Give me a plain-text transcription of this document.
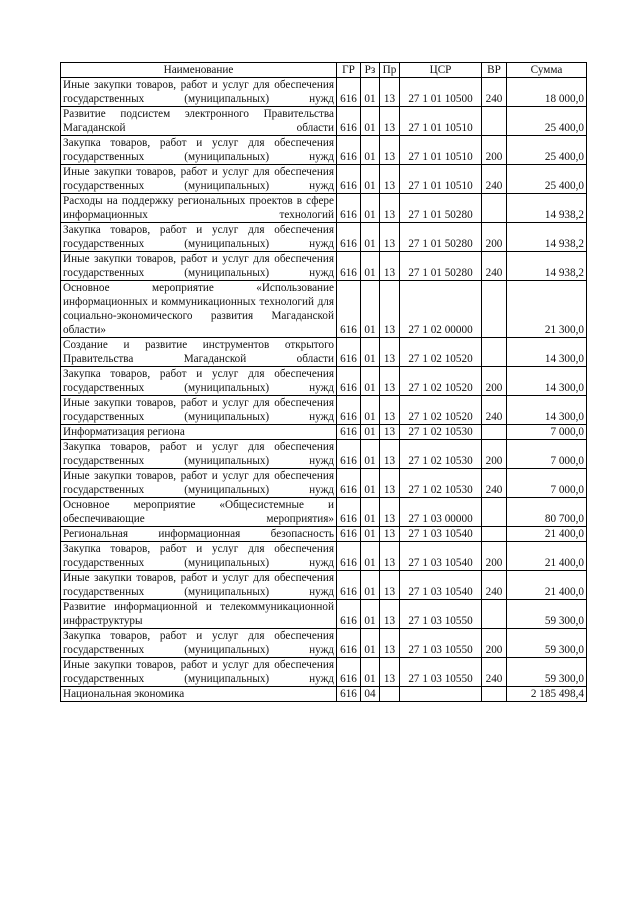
Наименование	ГР	Рз	Пр	ЦСР	ВР	Сумма
Иные закупки товаров, работ и услуг для обеспечения государственных (муниципальных) нужд	616	01	13	27 1 01 10500	240	18 000,0
Развитие подсистем электронного Правительства Магаданской области	616	01	13	27 1 01 10510		25 400,0
Закупка товаров, работ и услуг для обеспечения государственных (муниципальных) нужд	616	01	13	27 1 01 10510	200	25 400,0
Иные закупки товаров, работ и услуг для обеспечения государственных (муниципальных) нужд	616	01	13	27 1 01 10510	240	25 400,0
Расходы на поддержку региональных проектов в сфере информационных технологий	616	01	13	27 1 01 50280		14 938,2
Закупка товаров, работ и услуг для обеспечения государственных (муниципальных) нужд	616	01	13	27 1 01 50280	200	14 938,2
Иные закупки товаров, работ и услуг для обеспечения государственных (муниципальных) нужд	616	01	13	27 1 01 50280	240	14 938,2
Основное мероприятие «Использование информационных и коммуникационных технологий для социально-экономического развития Магаданской области»	616	01	13	27 1 02 00000		21 300,0
Создание и развитие инструментов открытого Правительства Магаданской области	616	01	13	27 1 02 10520		14 300,0
Закупка товаров, работ и услуг для обеспечения государственных (муниципальных) нужд	616	01	13	27 1 02 10520	200	14 300,0
Иные закупки товаров, работ и услуг для обеспечения государственных (муниципальных) нужд	616	01	13	27 1 02 10520	240	14 300,0
Информатизация региона	616	01	13	27 1 02 10530		7 000,0
Закупка товаров, работ и услуг для обеспечения государственных (муниципальных) нужд	616	01	13	27 1 02 10530	200	7 000,0
Иные закупки товаров, работ и услуг для обеспечения государственных (муниципальных) нужд	616	01	13	27 1 02 10530	240	7 000,0
Основное мероприятие «Общесистемные и обеспечивающие мероприятия»	616	01	13	27 1 03 00000		80 700,0
Региональная информационная безопасность	616	01	13	27 1 03 10540		21 400,0
Закупка товаров, работ и услуг для обеспечения государственных (муниципальных) нужд	616	01	13	27 1 03 10540	200	21 400,0
Иные закупки товаров, работ и услуг для обеспечения государственных (муниципальных) нужд	616	01	13	27 1 03 10540	240	21 400,0
Развитие информационной и телекоммуникационной инфраструктуры	616	01	13	27 1 03 10550		59 300,0
Закупка товаров, работ и услуг для обеспечения государственных (муниципальных) нужд	616	01	13	27 1 03 10550	200	59 300,0
Иные закупки товаров, работ и услуг для обеспечения государственных (муниципальных) нужд	616	01	13	27 1 03 10550	240	59 300,0
Национальная экономика	616	04				2 185 498,4
